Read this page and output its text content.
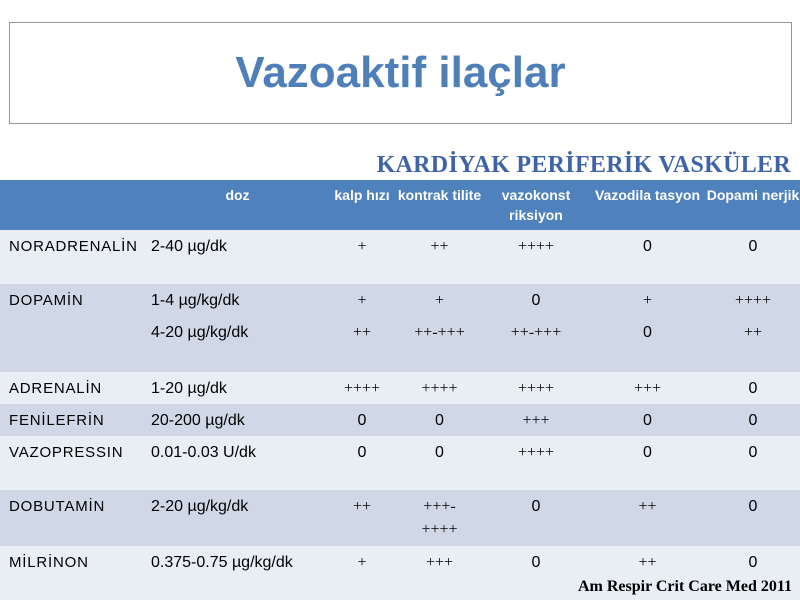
Vazoaktif ilaçlar
KARDİYAK PERİFERİK VASKÜLER
	doz	kalp hızı	kontrak tilite	vazokonst riksiyon	Vazodila tasyon	Dopami nerjik
NORADRENALİN	2-40 µg/dk	+	++	++++	0	0
DOPAMİN	1-4 µg/kg/dk	+	+	0	+	++++
	4-20 µg/kg/dk	++	++-+++	++-+++	0	++
ADRENALİN	1-20 µg/dk	++++	++++	++++	+++	0
FENİLEFRİN	20-200 µg/dk	0	0	+++	0	0
VAZOPRESSIN	0.01-0.03 U/dk	0	0	++++	0	0
DOBUTAMİN	2-20 µg/kg/dk	++	+++-++++	0	++	0
MİLRİNON	0.375-0.75 µg/kg/dk	+	+++	0	++	0
Am Respir Crit Care Med 2011
